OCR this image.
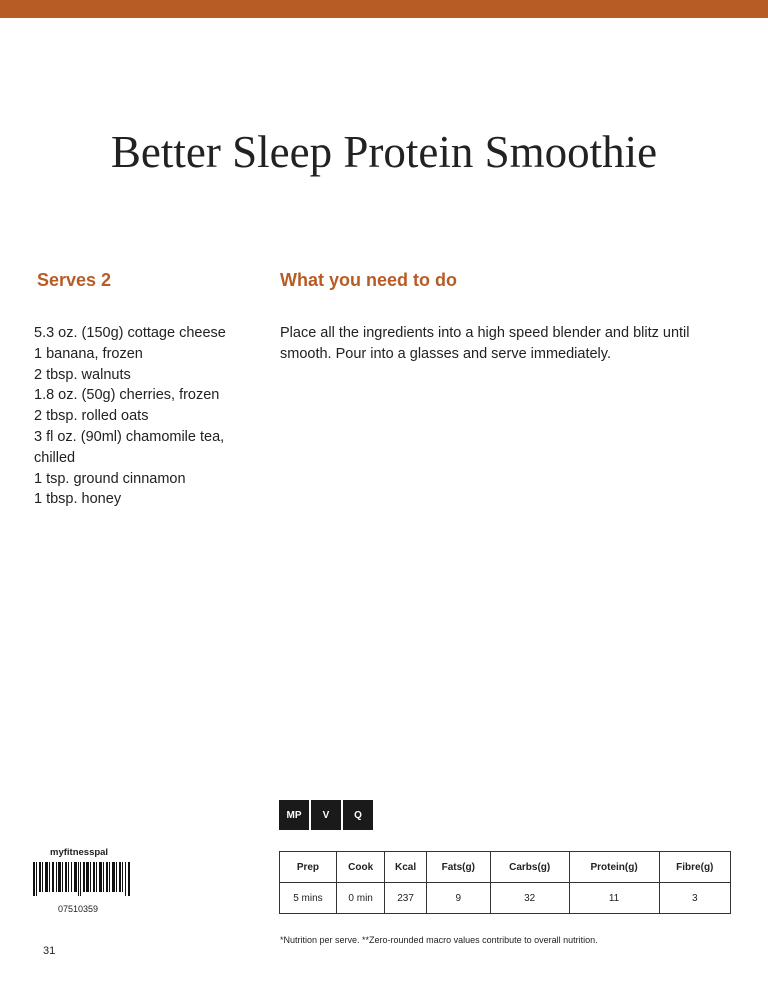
Better Sleep Protein Smoothie
Serves 2	What you need to do
5.3 oz. (150g) cottage cheese
1 banana, frozen
2 tbsp. walnuts
1.8 oz. (50g) cherries, frozen
2 tbsp. rolled oats
3 fl oz. (90ml) chamomile tea, chilled
1 tsp. ground cinnamon
1 tbsp. honey

Place all the ingredients into a high speed blender and blitz until smooth. Pour into a glasses and serve immediately.

MP	V	Q
myfitnesspal
07510359
31
Prep	Cook	Kcal	Fats(g)	Carbs(g)	Protein(g)	Fibre(g)
5 mins	0 min	237	9	32	11	3
*Nutrition per serve. **Zero-rounded macro values contribute to overall nutrition.
